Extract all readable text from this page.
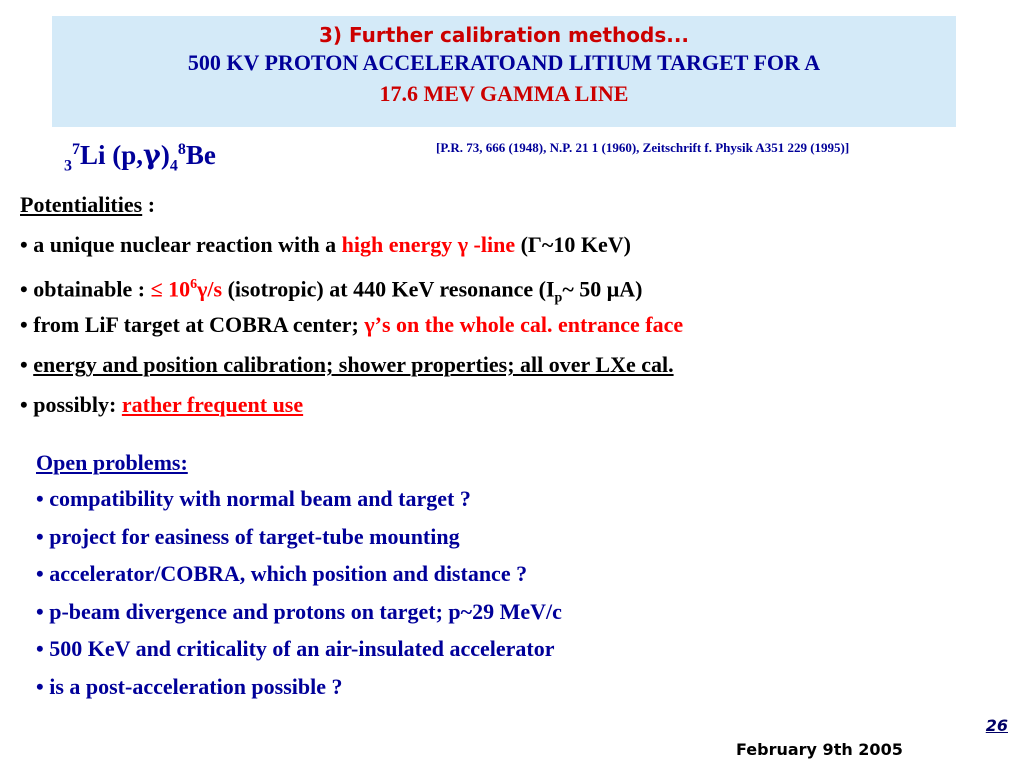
3) Further calibration methods...
500 KV PROTON ACCELERATOAND LITIUM TARGET FOR A
17.6 MEV GAMMA LINE
$_3^7$Li $(p,\gamma)_4^8Be$	[P.R. 73, 666 (1948), N.P. 21 1 (1960), Zeitschrift f. Physik A351 229 (1995)]
Potentialities :
• a unique nuclear reaction with a high energy γ -line (Γ~10 KeV)
• obtainable : ≤ $10^6\gamma/s$ (isotropic) at 440 KeV resonance ($I_p\sim$ 50 μA)
• from LiF target at COBRA center; γ’s on the whole cal. entrance face
• energy and position calibration; shower properties; all over LXe cal.
• possibly: rather frequent use
Open problems:
• compatibility with normal beam and target ?
• project for easiness of target-tube mounting
• accelerator/COBRA, which position and distance ?
• p-beam divergence and protons on target; p~29 MeV/c
• 500 KeV and criticality of an air-insulated accelerator
• is a post-acceleration possible ?
26
February 9th 2005
